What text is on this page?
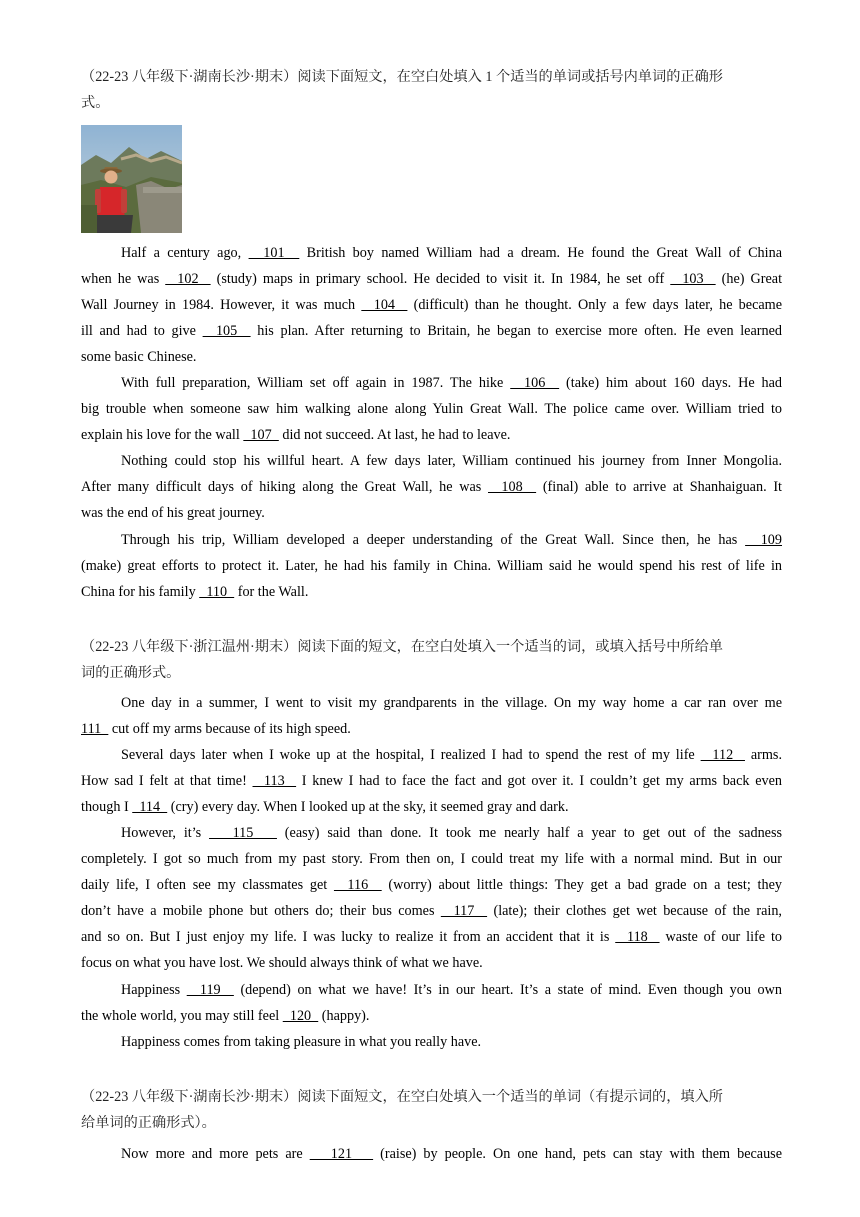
（22-23 八年级下·湖南长沙·期末）阅读下面短文，在空白处填入 1 个适当的单词或括号内单词的正确形
式。
Half a century ago,   101   British boy named William had a dream. He found the Great Wall of China
when he was   102   (study) maps in primary school. He decided to visit it. In 1984, he set off   103   (he) Great
Wall Journey in 1984. However, it was much   104   (difficult) than he thought. Only a few days later, he became
ill and had to give   105   his plan. After returning to Britain, he began to exercise more often. He even learned
some basic Chinese.
With full preparation, William set off again in 1987. The hike   106   (take) him about 160 days. He had
big trouble when someone saw him walking alone along Yulin Great Wall. The police came over. William tried to
explain his love for the wall   107   did not succeed. At last, he had to leave.
Nothing could stop his willful heart. A few days later, William continued his journey from Inner Mongolia.
After many difficult days of hiking along the Great Wall, he was   108   (final) able to arrive at Shanhaiguan. It
was the end of his great journey.
Through his trip, William developed a deeper understanding of the Great Wall. Since then, he has   109
(make) great efforts to protect it. Later, he had his family in China. William said he would spend his rest of life in
China for his family   110   for the Wall.
（22-23 八年级下·浙江温州·期末）阅读下面的短文，在空白处填入一个适当的词，或填入括号中所给单
词的正确形式。
One day in a summer, I went to visit my grandparents in the village. On my way home a car ran over me
111   cut off my arms because of its high speed.
Several days later when I woke up at the hospital, I realized I had to spend the rest of my life   112   arms.
How sad I felt at that time!   113   I knew I had to face the fact and got over it. I couldn’t get my arms back even
though I   114   (cry) every day. When I looked up at the sky, it seemed gray and dark.
However, it’s    115    (easy) said than done. It took me nearly half a year to get out of the sadness
completely. I got so much from my past story. From then on, I could treat my life with a normal mind. But in our
daily life, I often see my classmates get   116   (worry) about little things: They get a bad grade on a test; they
don’t have a mobile phone but others do; their bus comes   117   (late); their clothes get wet because of the rain,
and so on. But I just enjoy my life. I was lucky to realize it from an accident that it is   118   waste of our life to
focus on what you have lost. We should always think of what we have.
Happiness   119   (depend) on what we have! It’s in our heart. It’s a state of mind. Even though you own
the whole world, you may still feel   120   (happy).
Happiness comes from taking pleasure in what you really have.
（22-23 八年级下·湖南长沙·期末）阅读下面短文，在空白处填入一个适当的单词（有提示词的，填入所
给单词的正确形式）。
Now more and more pets are    121    (raise) by people. On one hand, pets can stay with them because
